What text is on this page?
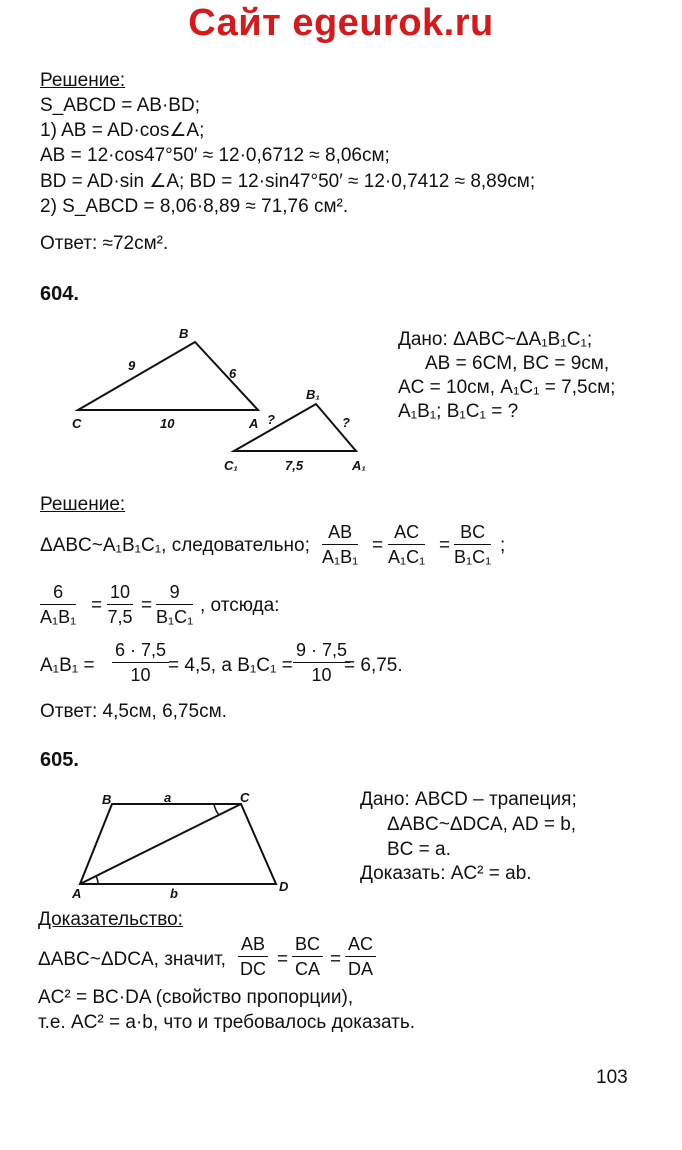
Сайт egeurok.ru
Решение:
S_ABCD = AB·BD;
1) AB = AD·cos∠A;
AB = 12·cos47°50′ ≈ 12·0,6712 ≈ 8,06см;
BD = AD·sin ∠A; BD = 12·sin47°50′ ≈ 12·0,7412 ≈ 8,89см;
2) S_ABCD = 8,06·8,89 ≈ 71,76 см².
Ответ: ≈72см².
604.
B
C	A
9
6
10
B₁
C₁	A₁
7,5
?	?
B	C
A	D
a
b
Дано: ΔABC~ΔA₁B₁C₁;
AB = 6CM, BC = 9см,
AC = 10см, A₁C₁ = 7,5см;
A₁B₁; B₁C₁ = ?
Решение:
ΔABC~A₁B₁C₁, следовательно;
AB
A₁B₁
=
AC
A₁C₁
=
BC
B₁C₁
;
6
A₁B₁
=
10
7,5
=
9
B₁C₁
, отсюда:
A₁B₁ =
6 · 7,5
10 = 4,5, а B₁C₁ =
9 · 7,5
10 = 6,75.
Ответ: 4,5см, 6,75см.
605.
Дано: ABCD – трапеция;
ΔABC~ΔDCA, AD = b,
BC = a.
Доказать: AC² = ab.
Доказательство:
ΔABC~ΔDCA, значит,
AB
DC =
BC
CA =
AC
DA
AC² = BC·DA (свойство пропорции),
т.е. AC² = a·b, что и требовалось доказать.
103
